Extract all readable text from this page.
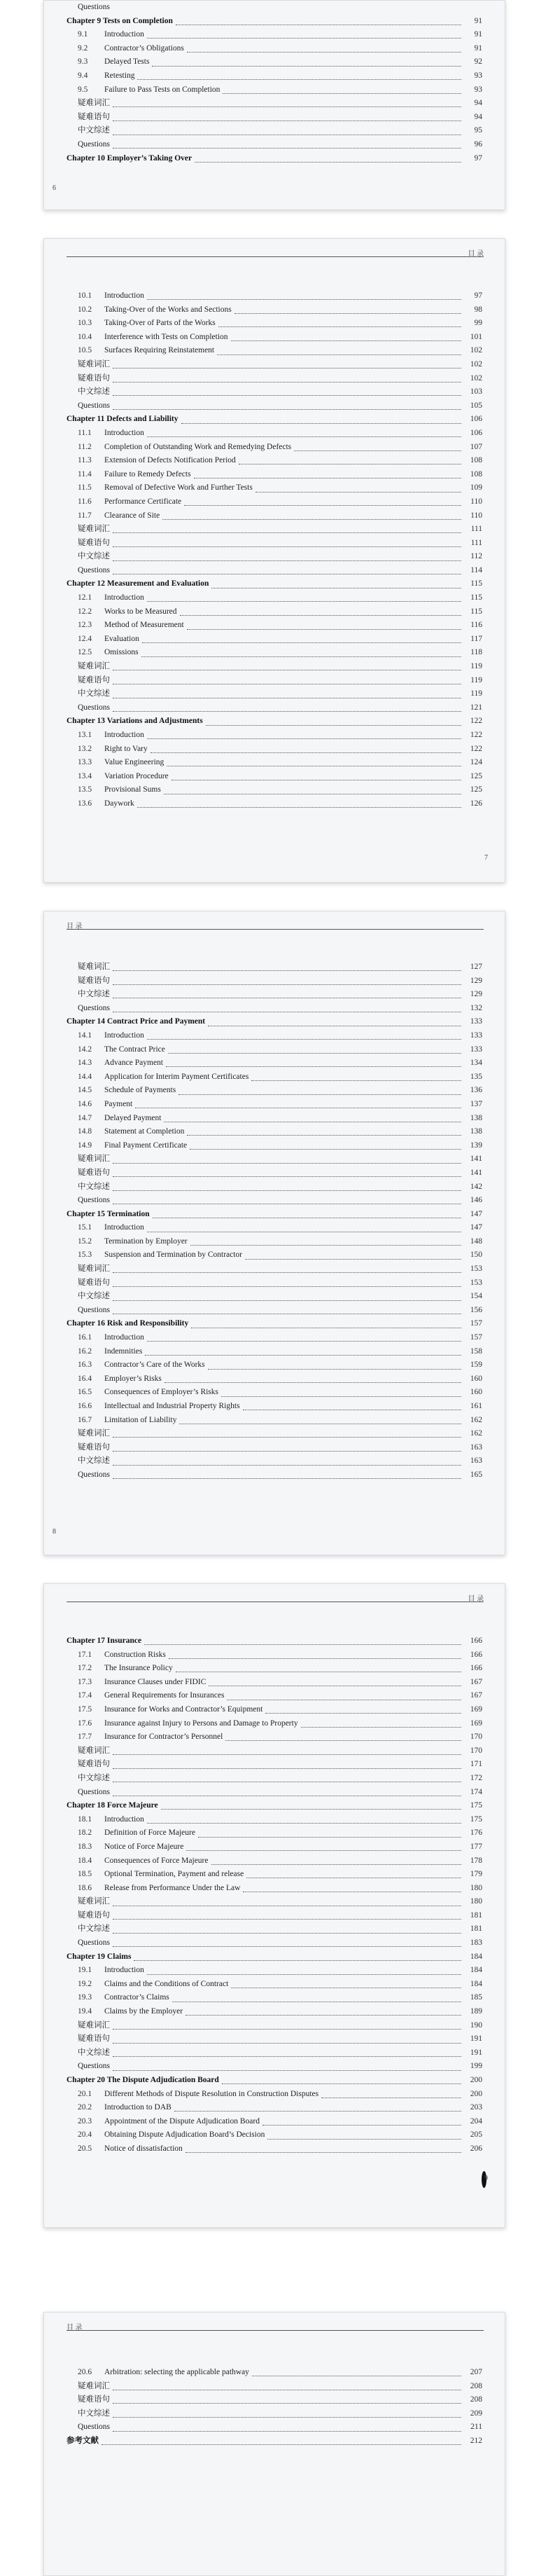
Questions
Chapter 9 Tests on Completion	91
9.1	Introduction	91
9.2	Contractor’s Obligations	91
9.3	Delayed Tests	92
9.4	Retesting	93
9.5	Failure to Pass Tests on Completion	93
疑难词汇	94
疑难语句	94
中文综述	95
Questions	96
Chapter 10 Employer’s Taking Over	97
6
目 录

10.1	Introduction	97
10.2	Taking-Over of the Works and Sections	98
10.3	Taking-Over of Parts of the Works	99
10.4	Interference with Tests on Completion	101
10.5	Surfaces Requiring Reinstatement	102
疑难词汇	102
疑难语句	102
中文综述	103
Questions	105
Chapter 11 Defects and Liability	106
11.1	Introduction	106
11.2	Completion of Outstanding Work and Remedying Defects	107
11.3	Extension of Defects Notification Period	108
11.4	Failure to Remedy Defects	108
11.5	Removal of Defective Work and Further Tests	109
11.6	Performance Certificate	110
11.7	Clearance of Site	110
疑难词汇	111
疑难语句	111
中文综述	112
Questions	114
Chapter 12 Measurement and Evaluation	115
12.1	Introduction	115
12.2	Works to be Measured	115
12.3	Method of Measurement	116
12.4	Evaluation	117
12.5	Omissions	118
疑难词汇	119
疑难语句	119
中文综述	119
Questions	121
Chapter 13 Variations and Adjustments	122
13.1	Introduction	122
13.2	Right to Vary	122
13.3	Value Engineering	124
13.4	Variation Procedure	125
13.5	Provisional Sums	125
13.6	Daywork	126
7
目 录

疑难词汇	127
疑难语句	129
中文综述	129
Questions	132
Chapter 14 Contract Price and Payment	133
14.1	Introduction	133
14.2	The Contract Price	133
14.3	Advance Payment	134
14.4	Application for Interim Payment Certificates	135
14.5	Schedule of Payments	136
14.6	Payment	137
14.7	Delayed Payment	138
14.8	Statement at Completion	138
14.9	Final Payment Certificate	139
疑难词汇	141
疑难语句	141
中文综述	142
Questions	146
Chapter 15 Termination	147
15.1	Introduction	147
15.2	Termination by Employer	148
15.3	Suspension and Termination by Contractor	150
疑难词汇	153
疑难语句	153
中文综述	154
Questions	156
Chapter 16 Risk and Responsibility	157
16.1	Introduction	157
16.2	Indemnities	158
16.3	Contractor’s Care of the Works	159
16.4	Employer’s Risks	160
16.5	Consequences of Employer’s Risks	160
16.6	Intellectual and Industrial Property Rights	161
16.7	Limitation of Liability	162
疑难词汇	162
疑难语句	163
中文综述	163
Questions	165
8
目 录

Chapter 17 Insurance	166
17.1	Construction Risks	166
17.2	The Insurance Policy	166
17.3	Insurance Clauses under FIDIC	167
17.4	General Requirements for Insurances	167
17.5	Insurance for Works and Contractor’s Equipment	169
17.6	Insurance against Injury to Persons and Damage to Property	169
17.7	Insurance for Contractor’s Personnel	170
疑难词汇	170
疑难语句	171
中文综述	172
Questions	174
Chapter 18 Force Majeure	175
18.1	Introduction	175
18.2	Definition of Force Majeure	176
18.3	Notice of Force Majeure	177
18.4	Consequences of Force Majeure	178
18.5	Optional Termination, Payment and release	179
18.6	Release from Performance Under the Law	180
疑难词汇	180
疑难语句	181
中文综述	181
Questions	183
Chapter 19 Claims	184
19.1	Introduction	184
19.2	Claims and the Conditions of Contract	184
19.3	Contractor’s Claims	185
19.4	Claims by the Employer	189
疑难词汇	190
疑难语句	191
中文综述	191
Questions	199
Chapter 20 The Dispute Adjudication Board	200
20.1	Different Methods of Dispute Resolution in Construction Disputes	200
20.2	Introduction to DAB	203
20.3	Appointment of the Dispute Adjudication Board	204
20.4	Obtaining Dispute Adjudication Board’s Decision	205
20.5	Notice of dissatisfaction	206
9
目 录

20.6	Arbitration: selecting the applicable pathway	207
疑难词汇	208
疑难语句	208
中文综述	209
Questions	211
参考文献	212
